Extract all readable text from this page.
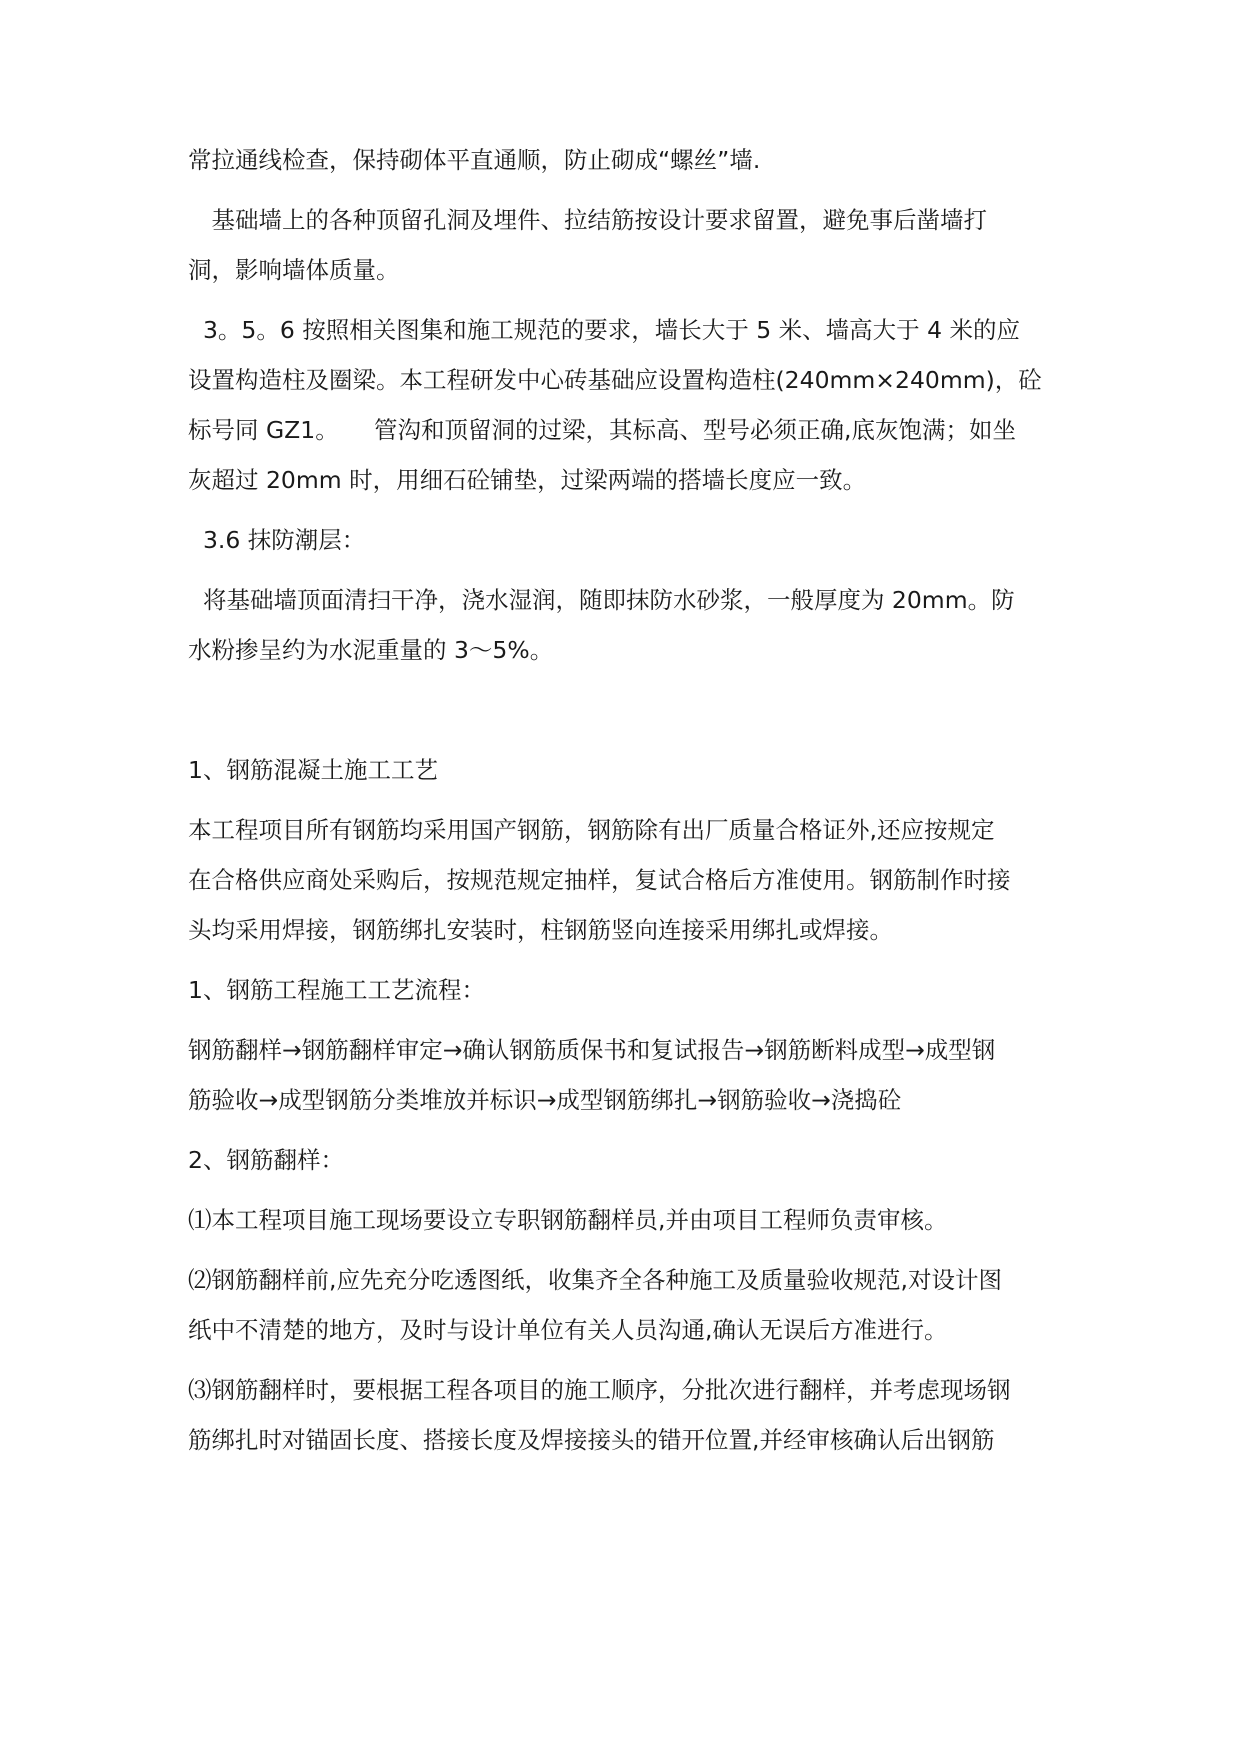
常拉通线检查，保持砌体平直通顺，防止砌成“螺丝”墙.
　基础墙上的各种顶留孔洞及埋件、拉结筋按设计要求留置，避免事后凿墙打
洞，影响墙体质量。
3。5。6 按照相关图集和施工规范的要求，墙长大于 5 米、墙高大于 4 米的应
设置构造柱及圈梁。本工程研发中心砖基础应设置构造柱(240mm×240mm)，砼
标号同 GZ1。　　管沟和顶留洞的过梁，其标高、型号必须正确,底灰饱满；如坐
灰超过 20mm 时，用细石砼铺垫，过梁两端的搭墙长度应一致。
3.6 抹防潮层：
将基础墙顶面清扫干净，浇水湿润，随即抹防水砂浆，一般厚度为 20mm。防
水粉掺呈约为水泥重量的 3～5%。
1、钢筋混凝土施工工艺
本工程项目所有钢筋均采用国产钢筋，钢筋除有出厂质量合格证外,还应按规定
在合格供应商处采购后，按规范规定抽样，复试合格后方准使用。钢筋制作时接
头均采用焊接，钢筋绑扎安装时，柱钢筋竖向连接采用绑扎或焊接。
1、钢筋工程施工工艺流程：
钢筋翻样→钢筋翻样审定→确认钢筋质保书和复试报告→钢筋断料成型→成型钢
筋验收→成型钢筋分类堆放并标识→成型钢筋绑扎→钢筋验收→浇捣砼
2、钢筋翻样：
⑴本工程项目施工现场要设立专职钢筋翻样员,并由项目工程师负责审核。
⑵钢筋翻样前,应先充分吃透图纸，收集齐全各种施工及质量验收规范,对设计图
纸中不清楚的地方，及时与设计单位有关人员沟通,确认无误后方准进行。
⑶钢筋翻样时，要根据工程各项目的施工顺序，分批次进行翻样，并考虑现场钢
筋绑扎时对锚固长度、搭接长度及焊接接头的错开位置,并经审核确认后出钢筋
